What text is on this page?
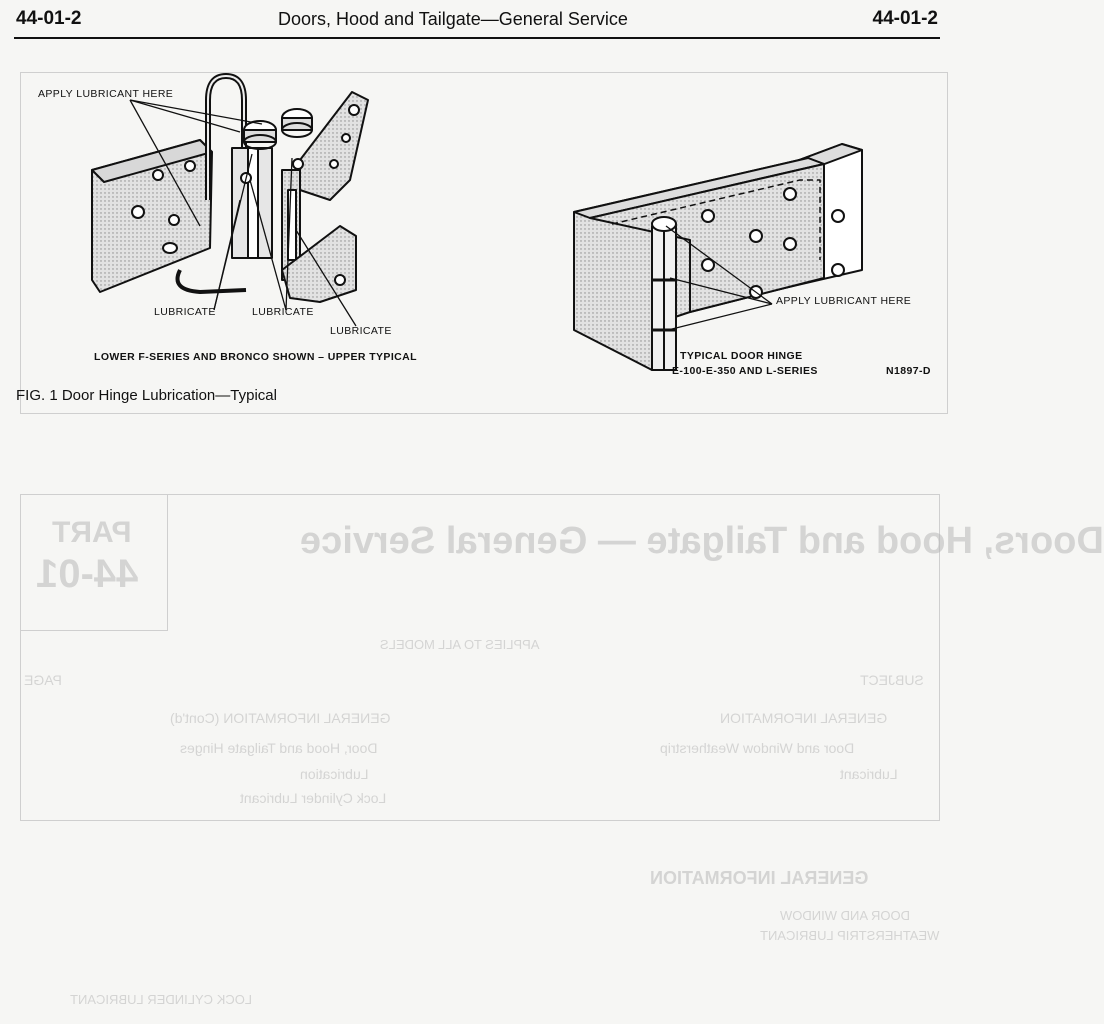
PART
44-01
Doors, Hood and Tailgate — General Service
APPLIES TO ALL MODELS
SUBJECT
PAGE
GENERAL INFORMATION
Door and Window Weatherstrip
Lubricant
GENERAL INFORMATION (Cont'd)
Door, Hood and Tailgate Hinges
Lubrication
Lock Cylinder Lubricant
GENERAL INFORMATION
DOOR AND WINDOW
WEATHERSTRIP LUBRICANT
LOCK CYLINDER LUBRICANT
44-01-2	Doors, Hood and Tailgate—General Service	44-01-2
APPLY LUBRICANT HERE
LUBRICATE	LUBRICATE
LUBRICATE
LOWER F-SERIES AND BRONCO SHOWN – UPPER TYPICAL
APPLY LUBRICANT HERE
TYPICAL DOOR HINGE
E-100-E-350 AND L-SERIES	N1897-D
FIG. 1 Door Hinge Lubrication—Typical
